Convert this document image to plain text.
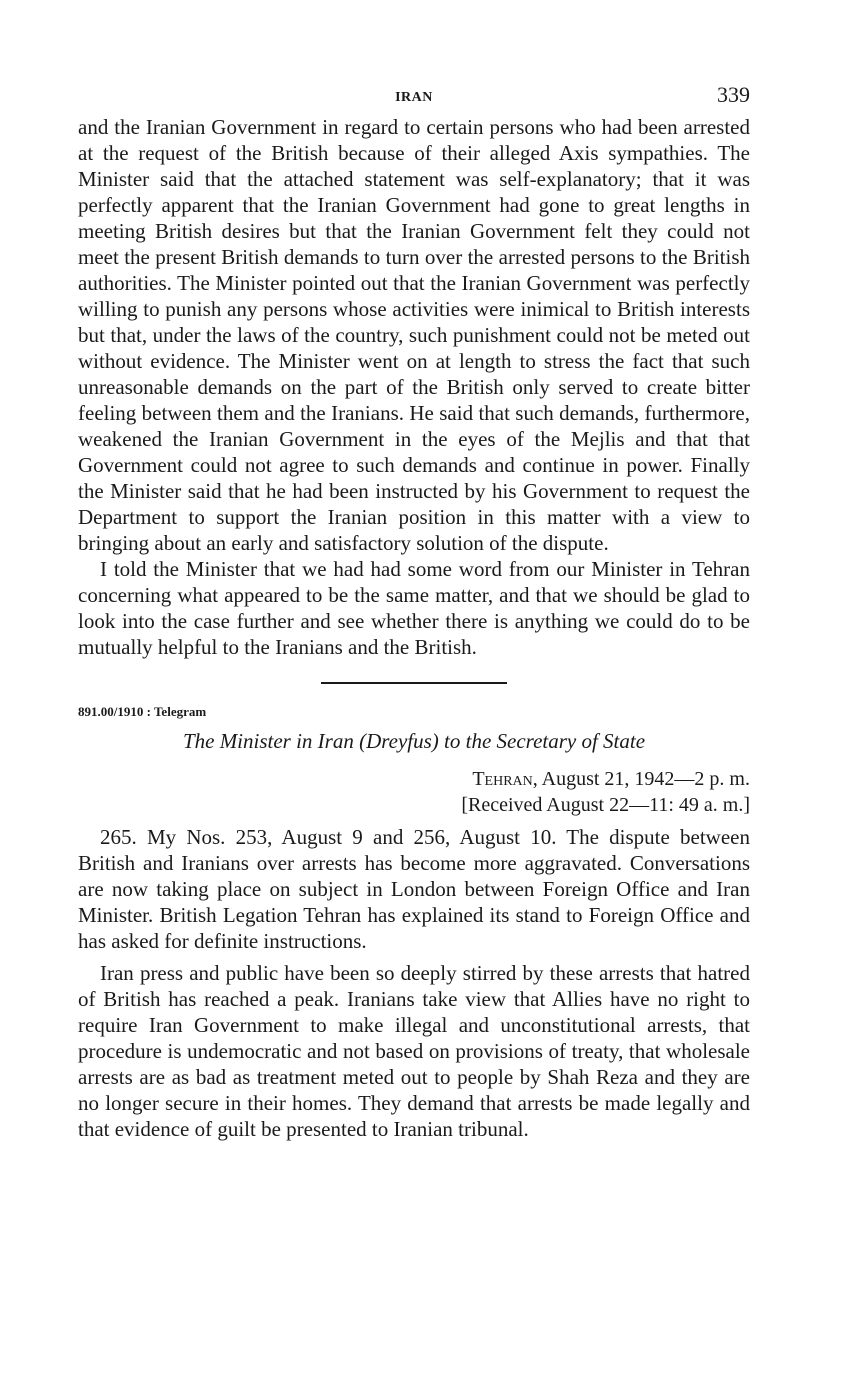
IRAN	339

and the Iranian Government in regard to certain persons who had been arrested at the request of the British because of their alleged Axis sympathies. The Minister said that the attached statement was self-explanatory; that it was perfectly apparent that the Iranian Government had gone to great lengths in meeting British desires but that the Iranian Government felt they could not meet the present British demands to turn over the arrested persons to the British authorities. The Minister pointed out that the Iranian Government was perfectly willing to punish any persons whose activities were inimical to British interests but that, under the laws of the country, such punishment could not be meted out without evidence. The Minister went on at length to stress the fact that such unreasonable demands on the part of the British only served to create bitter feeling between them and the Iranians. He said that such demands, furthermore, weakened the Iranian Government in the eyes of the Mejlis and that that Government could not agree to such demands and continue in power. Finally the Minister said that he had been instructed by his Government to request the Department to support the Iranian position in this matter with a view to bringing about an early and satisfactory solution of the dispute.

I told the Minister that we had had some word from our Minister in Tehran concerning what appeared to be the same matter, and that we should be glad to look into the case further and see whether there is anything we could do to be mutually helpful to the Iranians and the British.

891.00/1910 : Telegram
The Minister in Iran (Dreyfus) to the Secretary of State
Tehran, August 21, 1942—2 p. m.
[Received August 22—11: 49 a. m.]

265. My Nos. 253, August 9 and 256, August 10. The dispute between British and Iranians over arrests has become more aggravated. Conversations are now taking place on subject in London between Foreign Office and Iran Minister. British Legation Tehran has explained its stand to Foreign Office and has asked for definite instructions.

Iran press and public have been so deeply stirred by these arrests that hatred of British has reached a peak. Iranians take view that Allies have no right to require Iran Government to make illegal and unconstitutional arrests, that procedure is undemocratic and not based on provisions of treaty, that wholesale arrests are as bad as treatment meted out to people by Shah Reza and they are no longer secure in their homes. They demand that arrests be made legally and that evidence of guilt be presented to Iranian tribunal.
